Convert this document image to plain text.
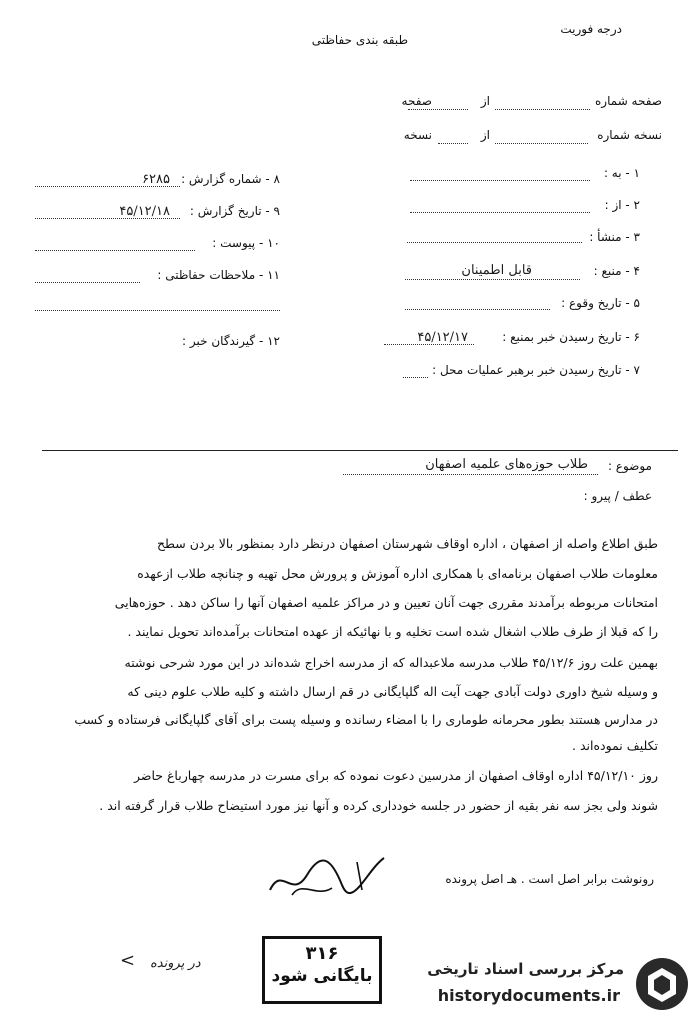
درجه فوریت
طبقه بندی حفاظتی
صفحه شماره
از
صفحه
نسخه شماره
از
نسخه
۱ - به :
۲ - از :
۳ - منشأ :
۴ - منبع :
قابل اطمینان
۵ - تاریخ وقوع :
۶ - تاریخ رسیدن خبر بمنبع :
۴۵/۱۲/۱۷
۷ - تاریخ رسیدن خبر برهبر عملیات محل :
۸ - شماره گزارش :
۶۲۸۵
۹ - تاریخ گزارش :
۴۵/۱۲/۱۸
۱۰ - پیوست :
۱۱ - ملاحظات حفاظتی :
۱۲ - گیرندگان خبر :
موضوع :
طلاب حوزه‌های علمیه اصفهان
عطف / پیرو :
طبق اطلاع واصله از اصفهان ، اداره اوقاف شهرستان اصفهان درنظر دارد بمنظور بالا بردن سطح
معلومات طلاب اصفهان برنامه‌ای با همکاری اداره آموزش و پرورش محل تهیه و چنانچه طلاب ازعهده
امتحانات مربوطه برآمدند مقرری جهت آنان تعیین و در مراکز علمیه اصفهان آنها را ساکن دهد . حوزه‌هایی
را که قبلا از طرف طلاب اشغال شده است تخلیه و با نهائیکه از عهده امتحانات برآمده‌اند تحویل نمایند .
بهمین علت روز ۴۵/۱۲/۶ طلاب مدرسه ملاعبداله که از مدرسه اخراج شده‌اند در این مورد شرحی نوشته
و وسیله شیخ داوری دولت آبادی جهت آیت اله گلپایگانی در قم ارسال داشته و کلیه طلاب علوم دینی که
در مدارس هستند بطور محرمانه طوماری را با امضاء رسانده و وسیله پست برای آقای گلپایگانی فرستاده و کسب
تکلیف نموده‌اند .
روز ۴۵/۱۲/۱۰ اداره اوقاف اصفهان از مدرسین دعوت نموده که برای مسرت در مدرسه چهارباغ حاضر
شوند ولی بجز سه نفر بقیه از حضور در جلسه خودداری کرده و آنها نیز مورد استیضاح طلاب قرار گرفته اند .
رونوشت برابر اصل است . هـ اصل پرونده
در پرونده
>	۳۱۶
بایگانی شود	مرکز بررسی اسناد تاریخی
historydocuments.ir
